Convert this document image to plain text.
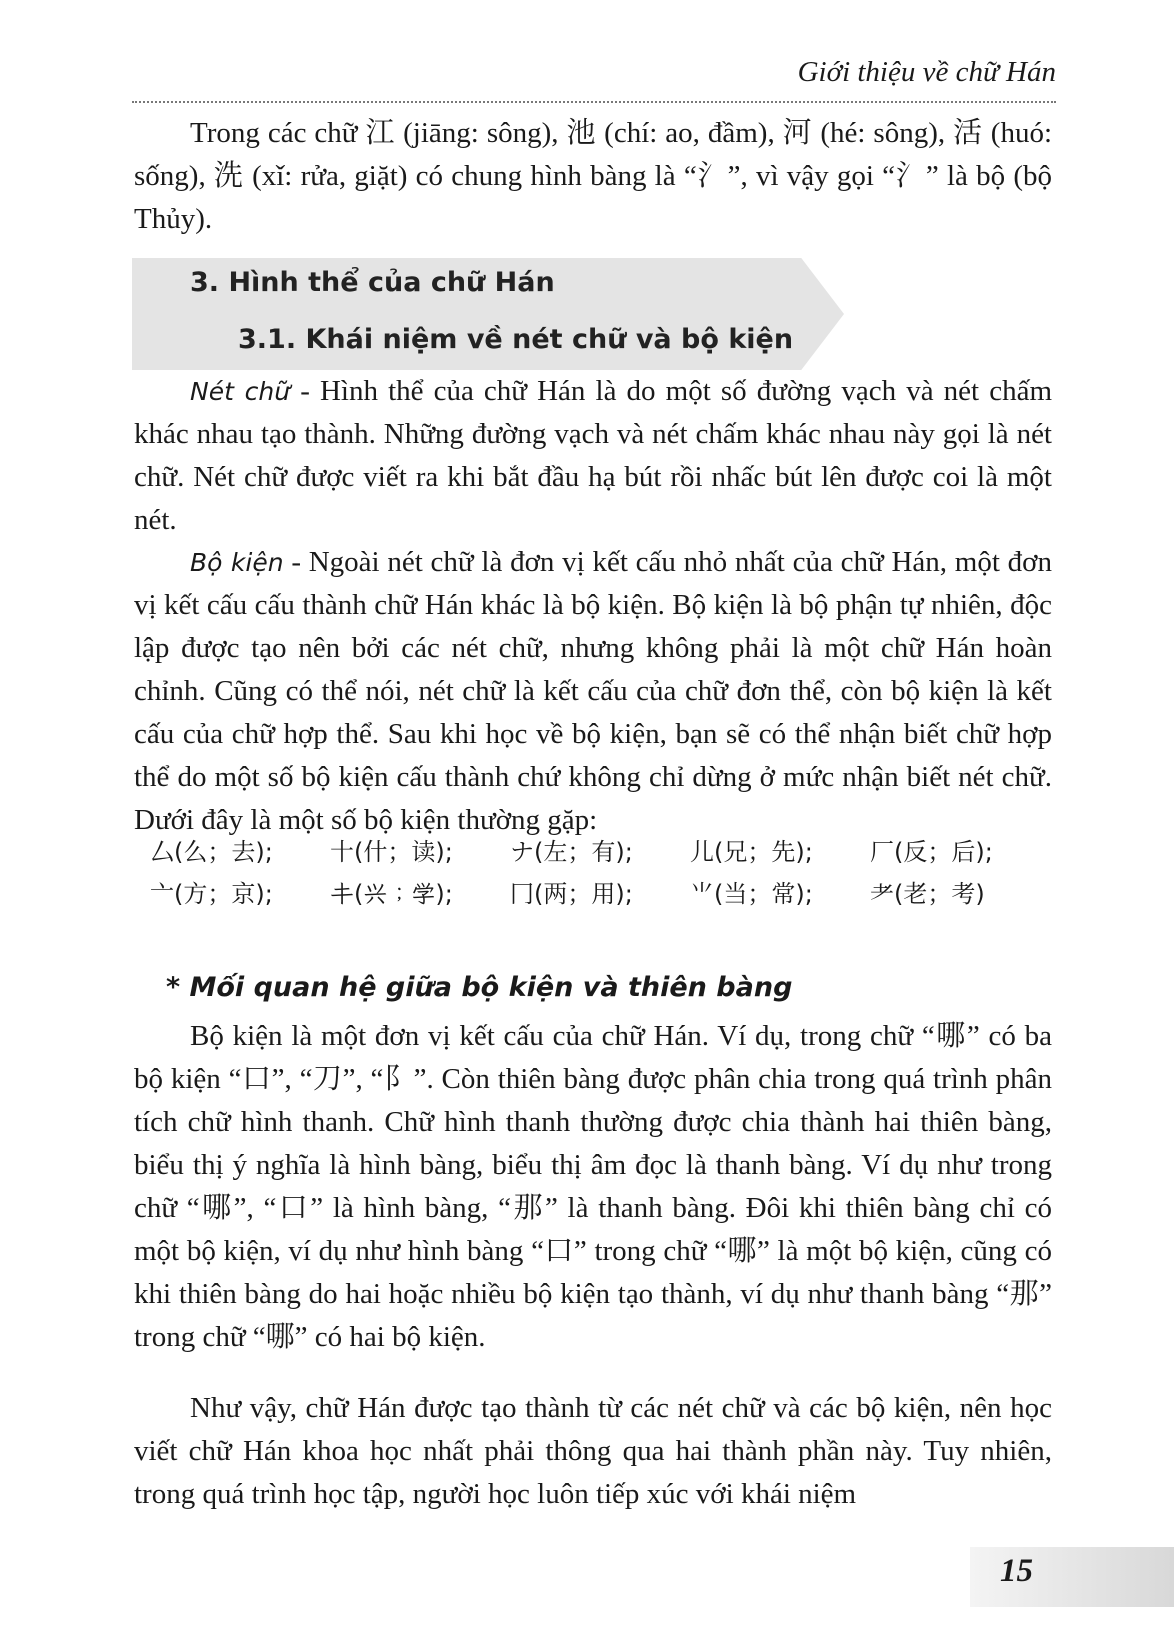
Giới thiệu về chữ Hán

Trong các chữ 江 (jiāng: sông), 池 (chí: ao, đầm), 河 (hé: sông), 活 (huó: sống), 洗 (xǐ: rửa, giặt) có chung hình bàng là “氵”, vì vậy gọi “氵” là bộ (bộ Thủy).

3. Hình thể của chữ Hán
3.1. Khái niệm về nét chữ và bộ kiện

Nét chữ - Hình thể của chữ Hán là do một số đường vạch và nét chấm khác nhau tạo thành. Những đường vạch và nét chấm khác nhau này gọi là nét chữ. Nét chữ được viết ra khi bắt đầu hạ bút rồi nhấc bút lên được coi là một nét.

Bộ kiện - Ngoài nét chữ là đơn vị kết cấu nhỏ nhất của chữ Hán, một đơn vị kết cấu cấu thành chữ Hán khác là bộ kiện. Bộ kiện là bộ phận tự nhiên, độc lập được tạo nên bởi các nét chữ, nhưng không phải là một chữ Hán hoàn chỉnh. Cũng có thể nói, nét chữ là kết cấu của chữ đơn thể, còn bộ kiện là kết cấu của chữ hợp thể. Sau khi học về bộ kiện, bạn sẽ có thể nhận biết chữ hợp thể do một số bộ kiện cấu thành chứ không chỉ dừng ở mức nhận biết nét chữ. Dưới đây là một số bộ kiện thường gặp:

厶(么；去); 十(什；读); ナ(左；有); 儿(兄；先); 厂(反；后);
亠(方；京); 𰀁(兴；学); 冂(两；用); ⺌(当；常); 耂(老；考)
* Mối quan hệ giữa bộ kiện và thiên bàng

Bộ kiện là một đơn vị kết cấu của chữ Hán. Ví dụ, trong chữ “哪” có ba bộ kiện “口”, “刀”, “阝”. Còn thiên bàng được phân chia trong quá trình phân tích chữ hình thanh. Chữ hình thanh thường được chia thành hai thiên bàng, biểu thị ý nghĩa là hình bàng, biểu thị âm đọc là thanh bàng. Ví dụ như trong chữ “哪”, “口” là hình bàng, “那” là thanh bàng. Đôi khi thiên bàng chỉ có một bộ kiện, ví dụ như hình bàng “口” trong chữ “哪” là một bộ kiện, cũng có khi thiên bàng do hai hoặc nhiều bộ kiện tạo thành, ví dụ như thanh bàng “那” trong chữ “哪” có hai bộ kiện.

Như vậy, chữ Hán được tạo thành từ các nét chữ và các bộ kiện, nên học viết chữ Hán khoa học nhất phải thông qua hai thành phần này. Tuy nhiên, trong quá trình học tập, người học luôn tiếp xúc với khái niệm

15
